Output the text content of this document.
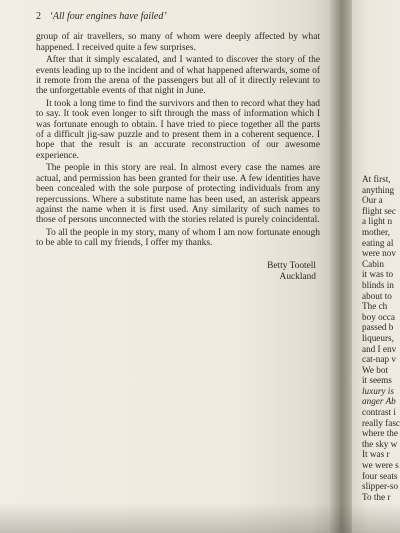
2 ‘All four engines have failed’

group of air travellers, so many of whom were deeply affected by what happened. I received quite a few surprises.

After that it simply escalated, and I wanted to discover the story of the events leading up to the incident and of what happened afterwards, some of it remote from the arena of the passengers but all of it directly relevant to the unforgettable events of that night in June.

It took a long time to find the survivors and then to record what they had to say. It took even longer to sift through the mass of information which I was fortunate enough to obtain. I have tried to piece together all the parts of a difficult jig-saw puzzle and to present them in a coherent sequence. I hope that the result is an accurate reconstruction of our awesome experience.

The people in this story are real. In almost every case the names are actual, and permission has been granted for their use. A few identities have been concealed with the sole purpose of protecting individuals from any repercussions. Where a substitute name has been used, an asterisk appears against the name when it is first used. Any similarity of such names to those of persons unconnected with the stories related is purely coincidental.

To all the people in my story, many of whom I am now fortunate enough to be able to call my friends, I offer my thanks.

Betty Tootell
Auckland
At first,
anything
Our a
flight sec
a light n
mother,
eating al
were nov
Cabin
it was to
blinds in
about to
The ch
boy occa
passed b
liqueurs,
and I env
cat-nap v
We bot
it seems
luxury is
anger Ab
contrast i
really fasc
where the
the sky w
It was r
we were s
four seats
slipper-so
To the r
